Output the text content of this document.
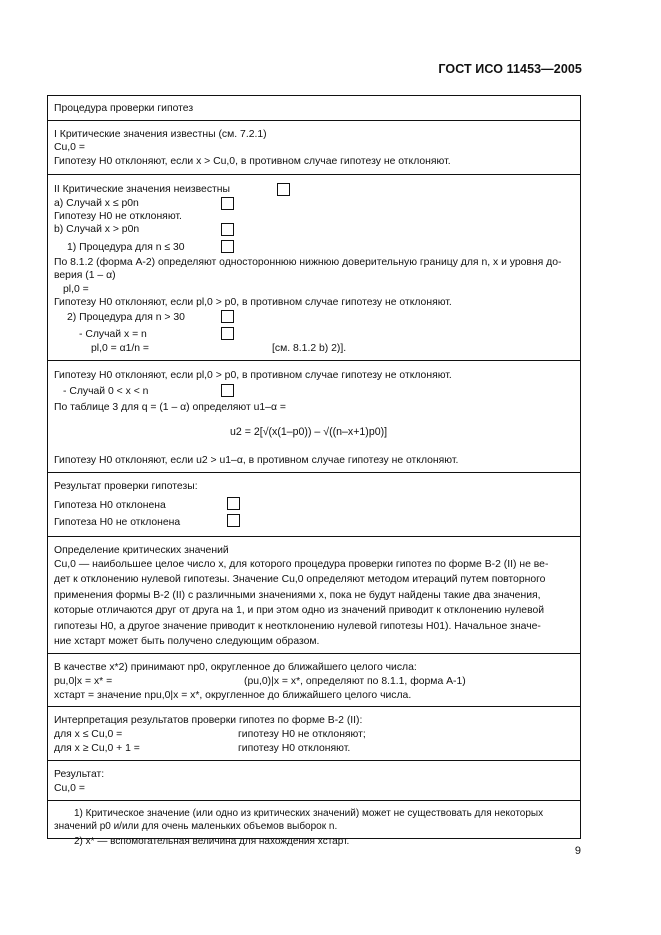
ГОСТ ИСО 11453—2005
Процедура проверки гипотез
I Критические значения известны (см. 7.2.1)
Cu,0 =
Гипотезу H0 отклоняют, если x > Cu,0, в противном случае гипотезу не отклоняют.
II Критические значения неизвестны
а) Случай x ≤ p0n
Гипотезу H0 не отклоняют.
b) Случай x > p0n
1) Процедура для n ≤ 30
По 8.1.2 (форма А-2) определяют одностороннюю нижнюю доверительную границу для n, x и уровня до-
верия (1 – α)
pl,0 =
Гипотезу H0 отклоняют, если pl,0 > p0, в противном случае гипотезу не отклоняют.
2) Процедура для n > 30
- Случай x = n
pl,0 = α1/n =	[см. 8.1.2 b) 2)].
Гипотезу H0 отклоняют, если pl,0 > p0, в противном случае гипотезу не отклоняют.
- Случай 0 < x < n
По таблице 3 для q = (1 – α) определяют u1–α =
u2 = 2[√(x(1–p0)) – √((n–x+1)p0)]
Гипотезу H0 отклоняют, если u2 > u1–α, в противном случае гипотезу не отклоняют.
Результат проверки гипотезы:
Гипотеза H0 отклонена
Гипотеза H0 не отклонена
Определение критических значений
Cu,0 — наибольшее целое число x, для которого процедура проверки гипотез по форме В-2 (II) не ве-
дет к отклонению нулевой гипотезы. Значение Cu,0 определяют методом итераций путем повторного
применения формы В-2 (II) с различными значениями x, пока не будут найдены такие два значения,
которые отличаются друг от друга на 1, и при этом одно из значений приводит к отклонению нулевой
гипотезы H0, а другое значение приводит к неотклонению нулевой гипотезы H01). Начальное значе-
ние xстарт может быть получено следующим образом.
В качестве x*2) принимают np0, округленное до ближайшего целого числа:
pu,0|x = x* =	(pu,0)|x = x*, определяют по 8.1.1, форма А-1)
xстарт = значение npu,0|x = x*, округленное до ближайшего целого числа.
Интерпретация результатов проверки гипотез по форме В-2 (II):
для x ≤ Cu,0 =	гипотезу H0 не отклоняют;
для x ≥ Cu,0 + 1 =	гипотезу H0 отклоняют.
Результат:
Cu,0 =
1) Критическое значение (или одно из критических значений) может не существовать для некоторых
значений p0 и/или для очень маленьких объемов выборок n.
2) x* — вспомогательная величина для нахождения xстарт.
9
